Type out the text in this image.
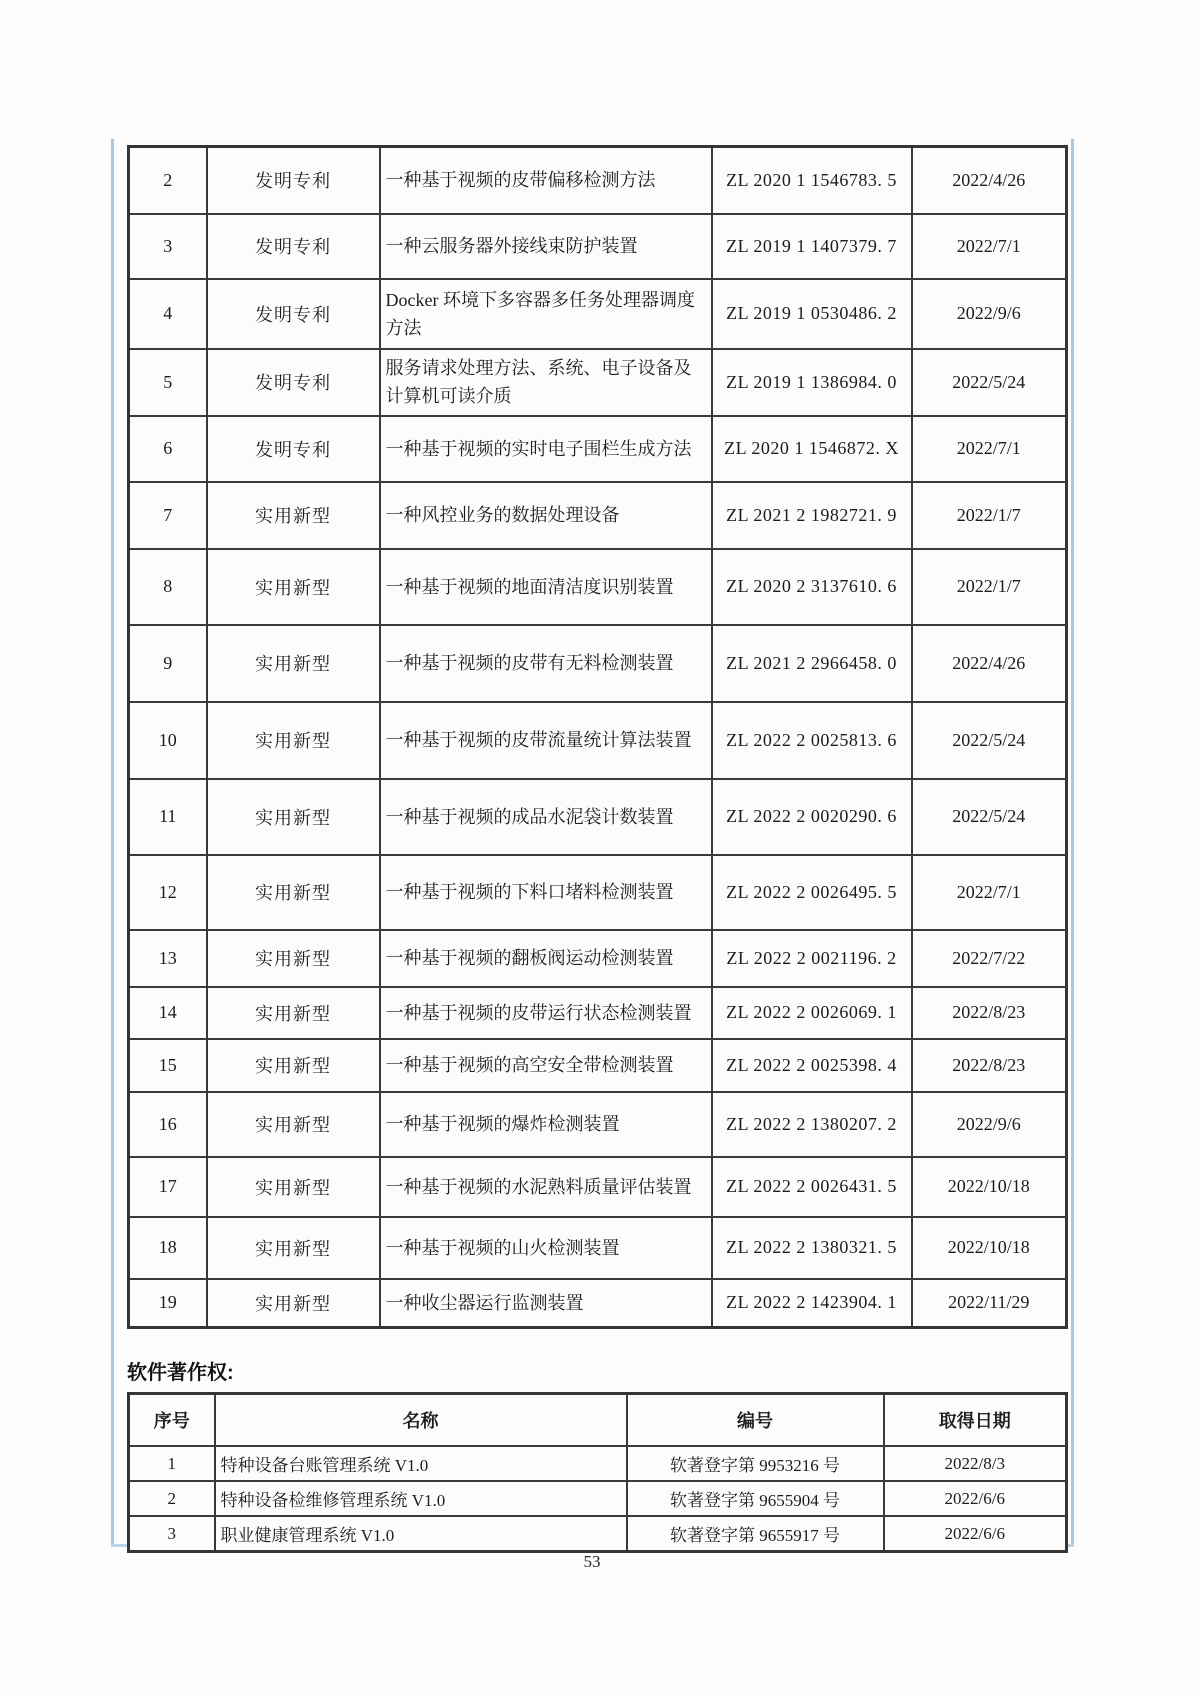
2	发明专利	一种基于视频的皮带偏移检测方法	ZL 2020 1 1546783. 5	2022/4/26
3	发明专利	一种云服务器外接线束防护装置	ZL 2019 1 1407379. 7	2022/7/1
4	发明专利	Docker 环境下多容器多任务处理器调度方法	ZL 2019 1 0530486. 2	2022/9/6
5	发明专利	服务请求处理方法、系统、电子设备及计算机可读介质	ZL 2019 1 1386984. 0	2022/5/24
6	发明专利	一种基于视频的实时电子围栏生成方法	ZL 2020 1 1546872. X	2022/7/1
7	实用新型	一种风控业务的数据处理设备	ZL 2021 2 1982721. 9	2022/1/7
8	实用新型	一种基于视频的地面清洁度识别装置	ZL 2020 2 3137610. 6	2022/1/7
9	实用新型	一种基于视频的皮带有无料检测装置	ZL 2021 2 2966458. 0	2022/4/26
10	实用新型	一种基于视频的皮带流量统计算法装置	ZL 2022 2 0025813. 6	2022/5/24
11	实用新型	一种基于视频的成品水泥袋计数装置	ZL 2022 2 0020290. 6	2022/5/24
12	实用新型	一种基于视频的下料口堵料检测装置	ZL 2022 2 0026495. 5	2022/7/1
13	实用新型	一种基于视频的翻板阀运动检测装置	ZL 2022 2 0021196. 2	2022/7/22
14	实用新型	一种基于视频的皮带运行状态检测装置	ZL 2022 2 0026069. 1	2022/8/23
15	实用新型	一种基于视频的高空安全带检测装置	ZL 2022 2 0025398. 4	2022/8/23
16	实用新型	一种基于视频的爆炸检测装置	ZL 2022 2 1380207. 2	2022/9/6
17	实用新型	一种基于视频的水泥熟料质量评估装置	ZL 2022 2 0026431. 5	2022/10/18
18	实用新型	一种基于视频的山火检测装置	ZL 2022 2 1380321. 5	2022/10/18
19	实用新型	一种收尘器运行监测装置	ZL 2022 2 1423904. 1	2022/11/29
软件著作权:
序号	名称	编号	取得日期
1	特种设备台账管理系统 V1.0	软著登字第 9953216 号	2022/8/3
2	特种设备检维修管理系统 V1.0	软著登字第 9655904 号	2022/6/6
3	职业健康管理系统 V1.0	软著登字第 9655917 号	2022/6/6
53
